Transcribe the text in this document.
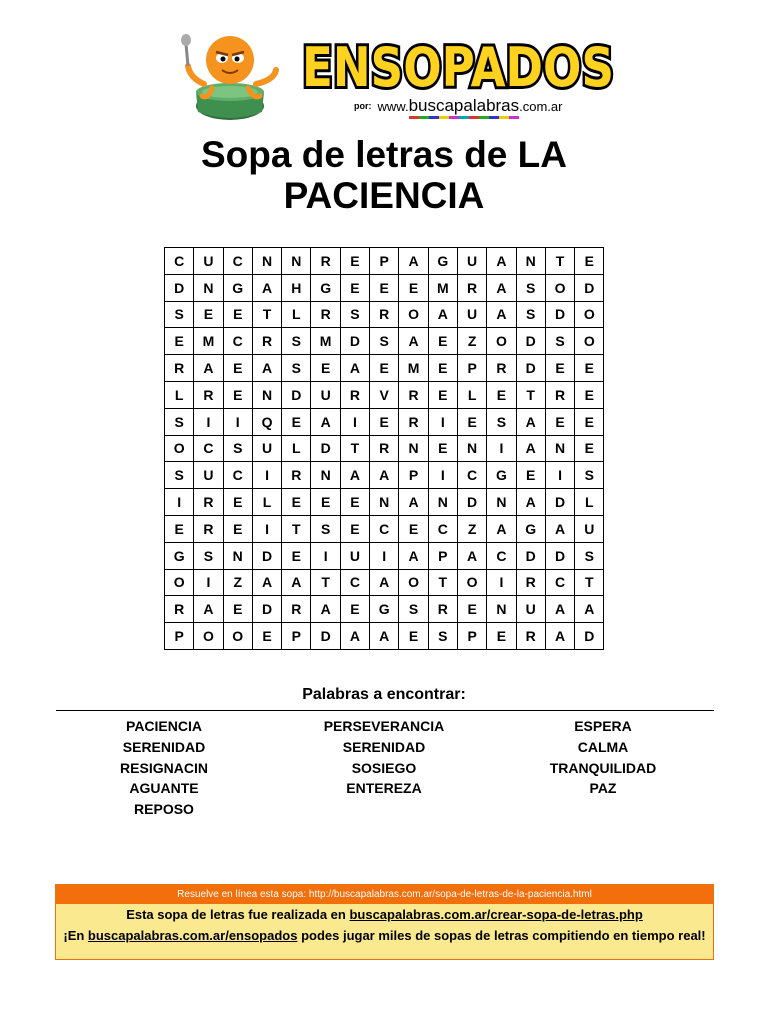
ENSOPADOS
por: www.buscapalabras.com.ar
Sopa de letras de LA
PACIENCIA
C	U	C	N	N	R	E	P	A	G	U	A	N	T	E
D	N	G	A	H	G	E	E	E	M	R	A	S	O	D
S	E	E	T	L	R	S	R	O	A	U	A	S	D	O
E	M	C	R	S	M	D	S	A	E	Z	O	D	S	O
R	A	E	A	S	E	A	E	M	E	P	R	D	E	E
L	R	E	N	D	U	R	V	R	E	L	E	T	R	E
S	I	I	Q	E	A	I	E	R	I	E	S	A	E	E
O	C	S	U	L	D	T	R	N	E	N	I	A	N	E
S	U	C	I	R	N	A	A	P	I	C	G	E	I	S
I	R	E	L	E	E	E	N	A	N	D	N	A	D	L
E	R	E	I	T	S	E	C	E	C	Z	A	G	A	U
G	S	N	D	E	I	U	I	A	P	A	C	D	D	S
O	I	Z	A	A	T	C	A	O	T	O	I	R	C	T
R	A	E	D	R	A	E	G	S	R	E	N	U	A	A
P	O	O	E	P	D	A	A	E	S	P	E	R	A	D
Palabras a encontrar:
PACIENCIA
SERENIDAD
RESIGNACIN
AGUANTE
REPOSO
PERSEVERANCIA
SERENIDAD
SOSIEGO
ENTEREZA
ESPERA
CALMA
TRANQUILIDAD
PAZ
Resuelve en línea esta sopa: http://buscapalabras.com.ar/sopa-de-letras-de-la-paciencia.html
Esta sopa de letras fue realizada en buscapalabras.com.ar/crear-sopa-de-letras.php
¡En buscapalabras.com.ar/ensopados podes jugar miles de sopas de letras compitiendo en tiempo real!
